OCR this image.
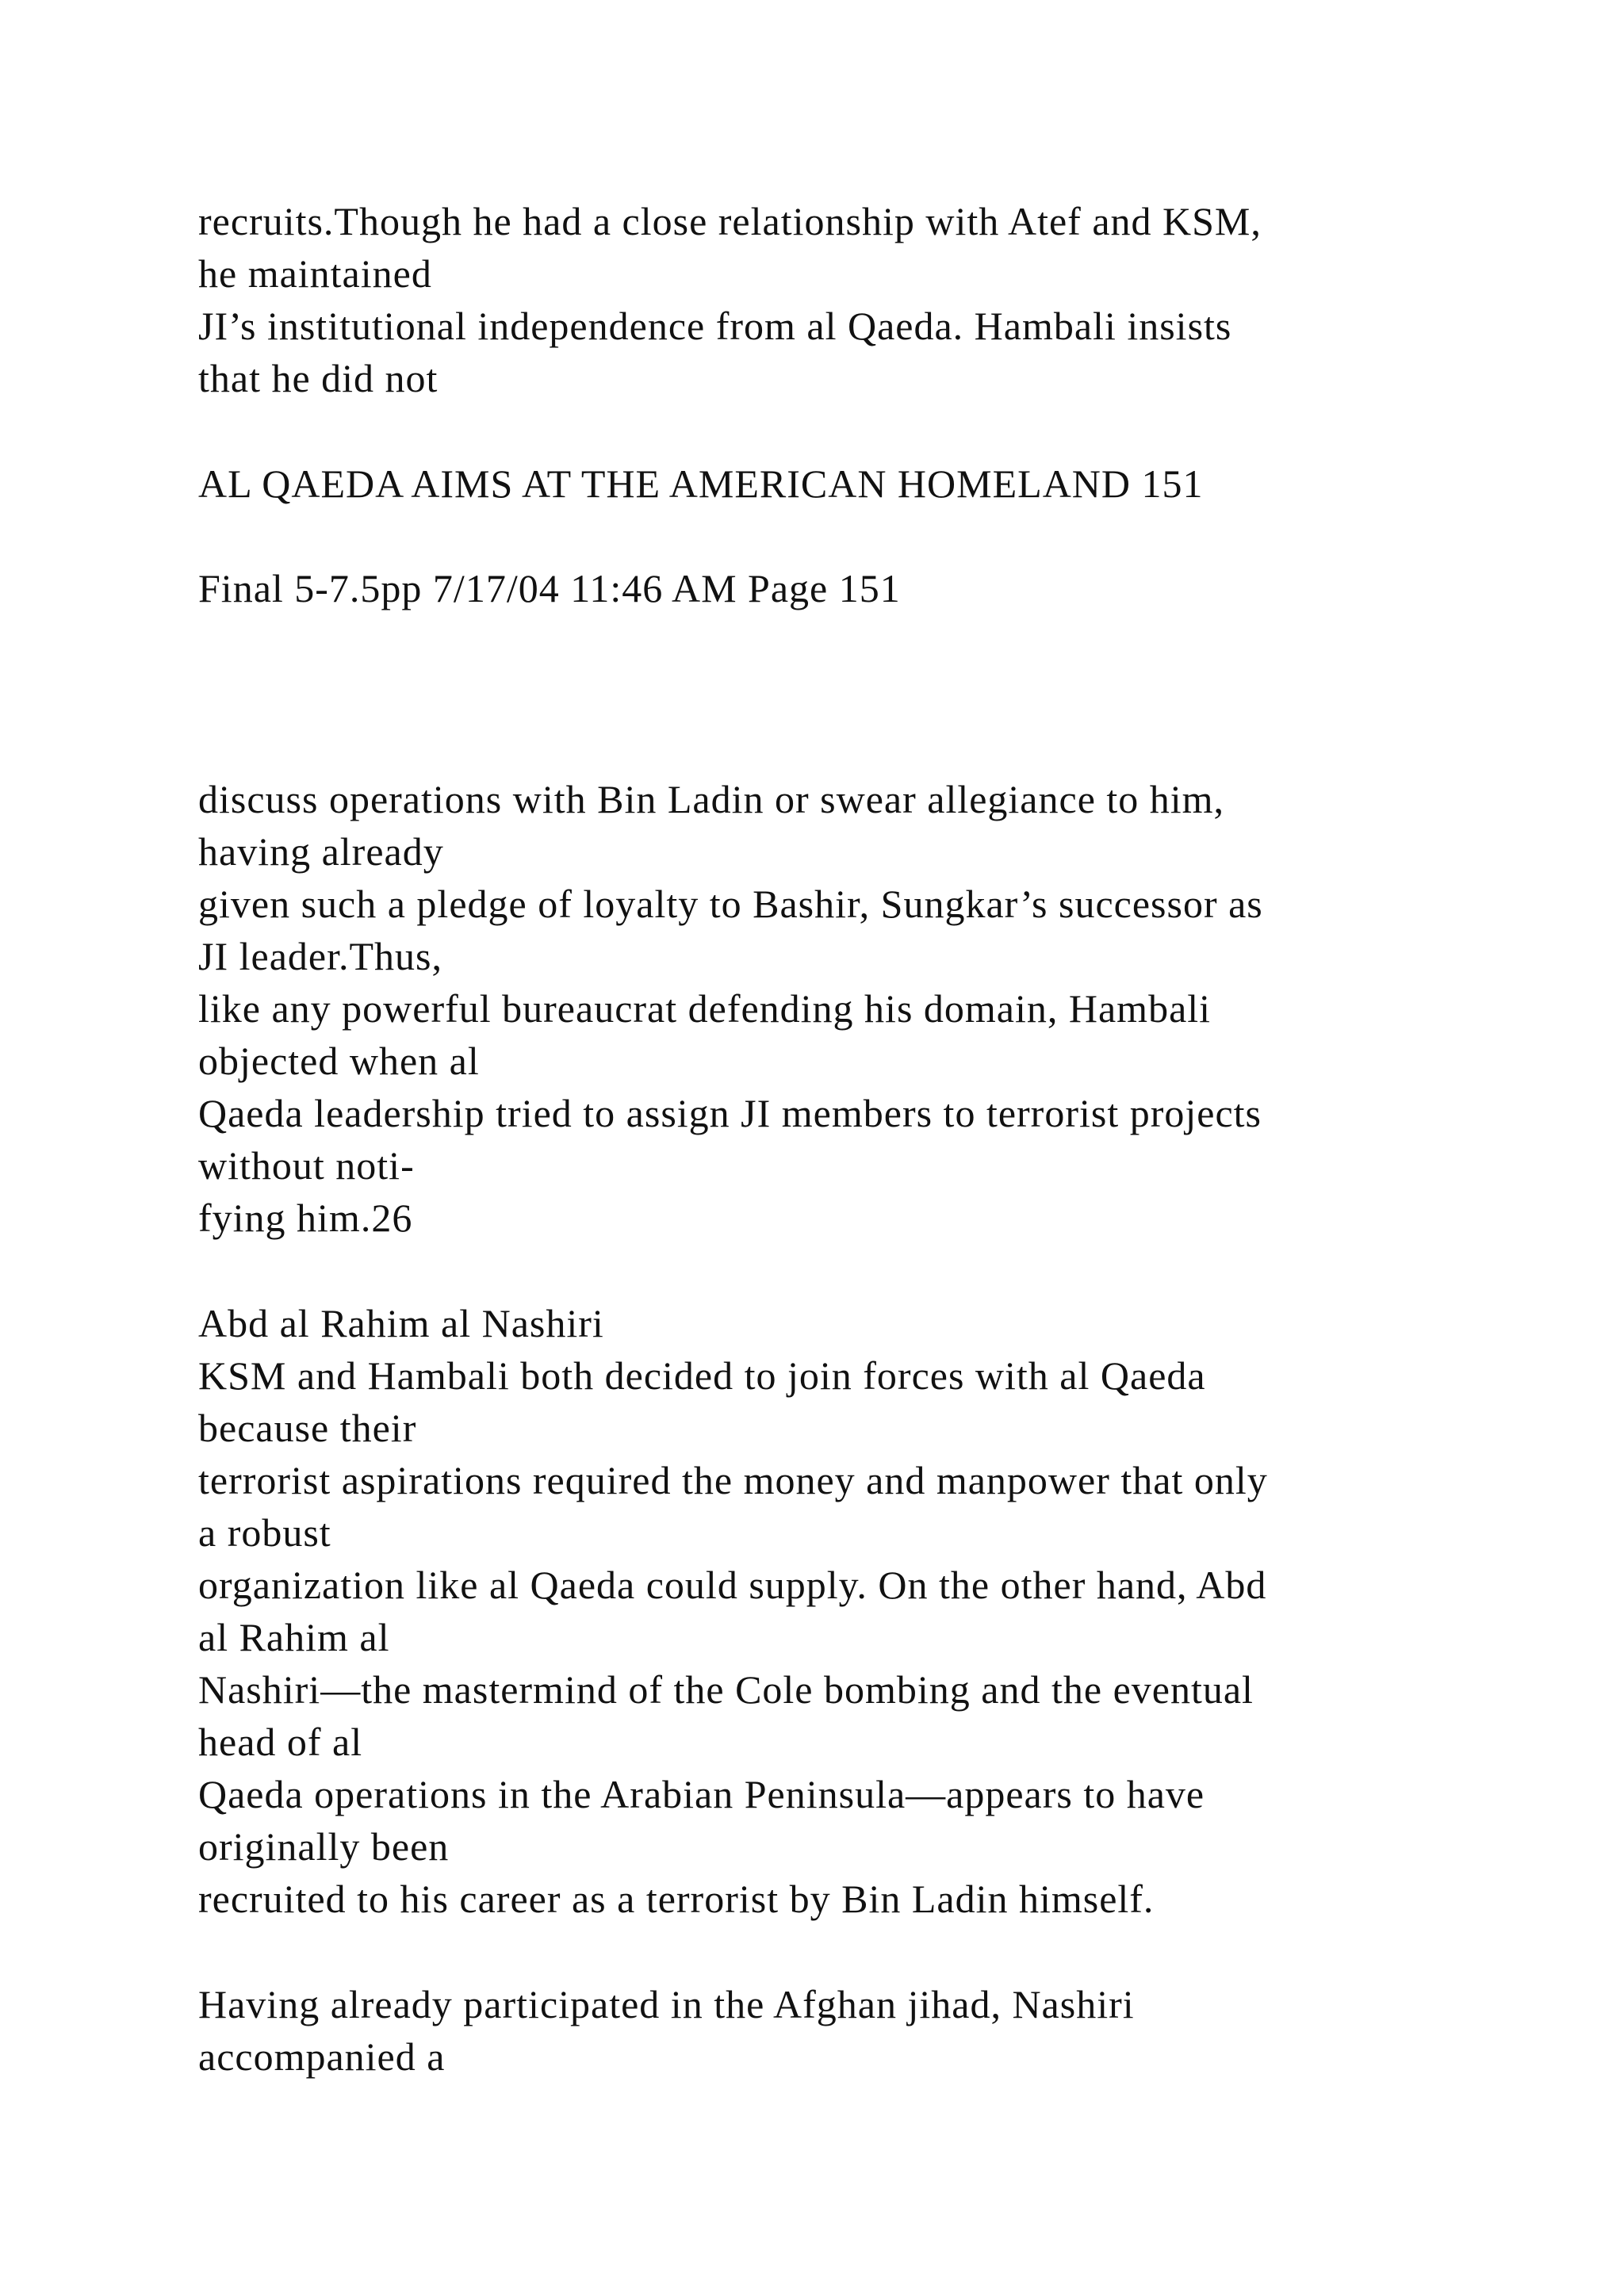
recruits.Though he had a close relationship with Atef and KSM,

he maintained

JI’s institutional independence from al Qaeda. Hambali insists

that he did not

AL QAEDA AIMS AT THE AMERICAN HOMELAND 151

Final 5-7.5pp 7/17/04 11:46 AM Page 151

discuss operations with Bin Ladin or swear allegiance to him,

having already

given such a pledge of loyalty to Bashir, Sungkar’s successor as

JI leader.Thus,

like any powerful bureaucrat defending his domain, Hambali

objected when al

Qaeda leadership tried to assign JI members to terrorist projects

without noti-

fying him.26

Abd al Rahim al Nashiri

KSM and Hambali both decided to join forces with al Qaeda

because their

terrorist aspirations required the money and manpower that only

a robust

organization like al Qaeda could supply. On the other hand, Abd

al Rahim al

Nashiri—the mastermind of the Cole bombing and the eventual

head of al

Qaeda operations in the Arabian Peninsula—appears to have

originally been

recruited to his career as a terrorist by Bin Ladin himself.

Having already participated in the Afghan jihad, Nashiri

accompanied a
